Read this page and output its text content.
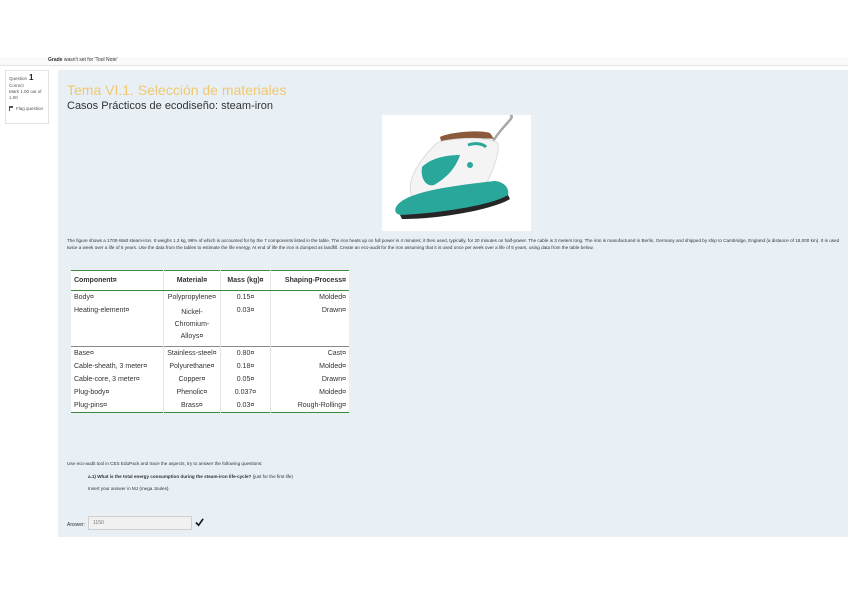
Grade wasn't set for 'Tool Note'
Question 1
Correct
Mark 1.00 out of 1.00
Flag question
Tema VI.1. Selección de materiales
Casos Prácticos de ecodiseño: steam-iron
The figure shows a 1700-Watt steam-iron. It weighs 1.3 kg, 98% of which is accounted for by the 7 components listed in the table. The iron heats up on full power in 4 minutes; it then used, typically, for 20 minutes on half-power. The cable is 3 meters long. The iron is manufactured in Berlin, Germany and shipped by ship to Cambridge, England (a distance of 18,000 km). It is used twice a week over a life of 5 years. Use the data from the tables to estimate the life energy. At end of life the iron is dumped as landfill. Create an eco-audit for the iron assuming that it is used once per week over a life of 5 years, using data from the table below.
Component¤	Material¤	Mass (kg)¤	Shaping-Process¤
Body¤	Polypropylene¤	0.15¤	Molded¤
Heating-element¤	Nickel-Chromium-Alloys¤	0.03¤	Drawn¤
Base¤	Stainless-steel¤	0.80¤	Cast¤
Cable-sheath, 3 meter¤	Polyurethane¤	0.18¤	Molded¤
Cable-core, 3 meter¤	Copper¤	0.05¤	Drawn¤
Plug-body¤	Phenolic¤	0.037¤	Molded¤
Plug-pins¤	Brass¤	0.03¤	Rough-Rolling¤
Use eco-audit tool in CES EduPack and trace the aspects, try to answer the following questions:
a.1) What is the total energy consumption during the steam-iron life-cycle? (just for the first life)
Insert your answer in MJ (mega Joules).
Answer:
1150
